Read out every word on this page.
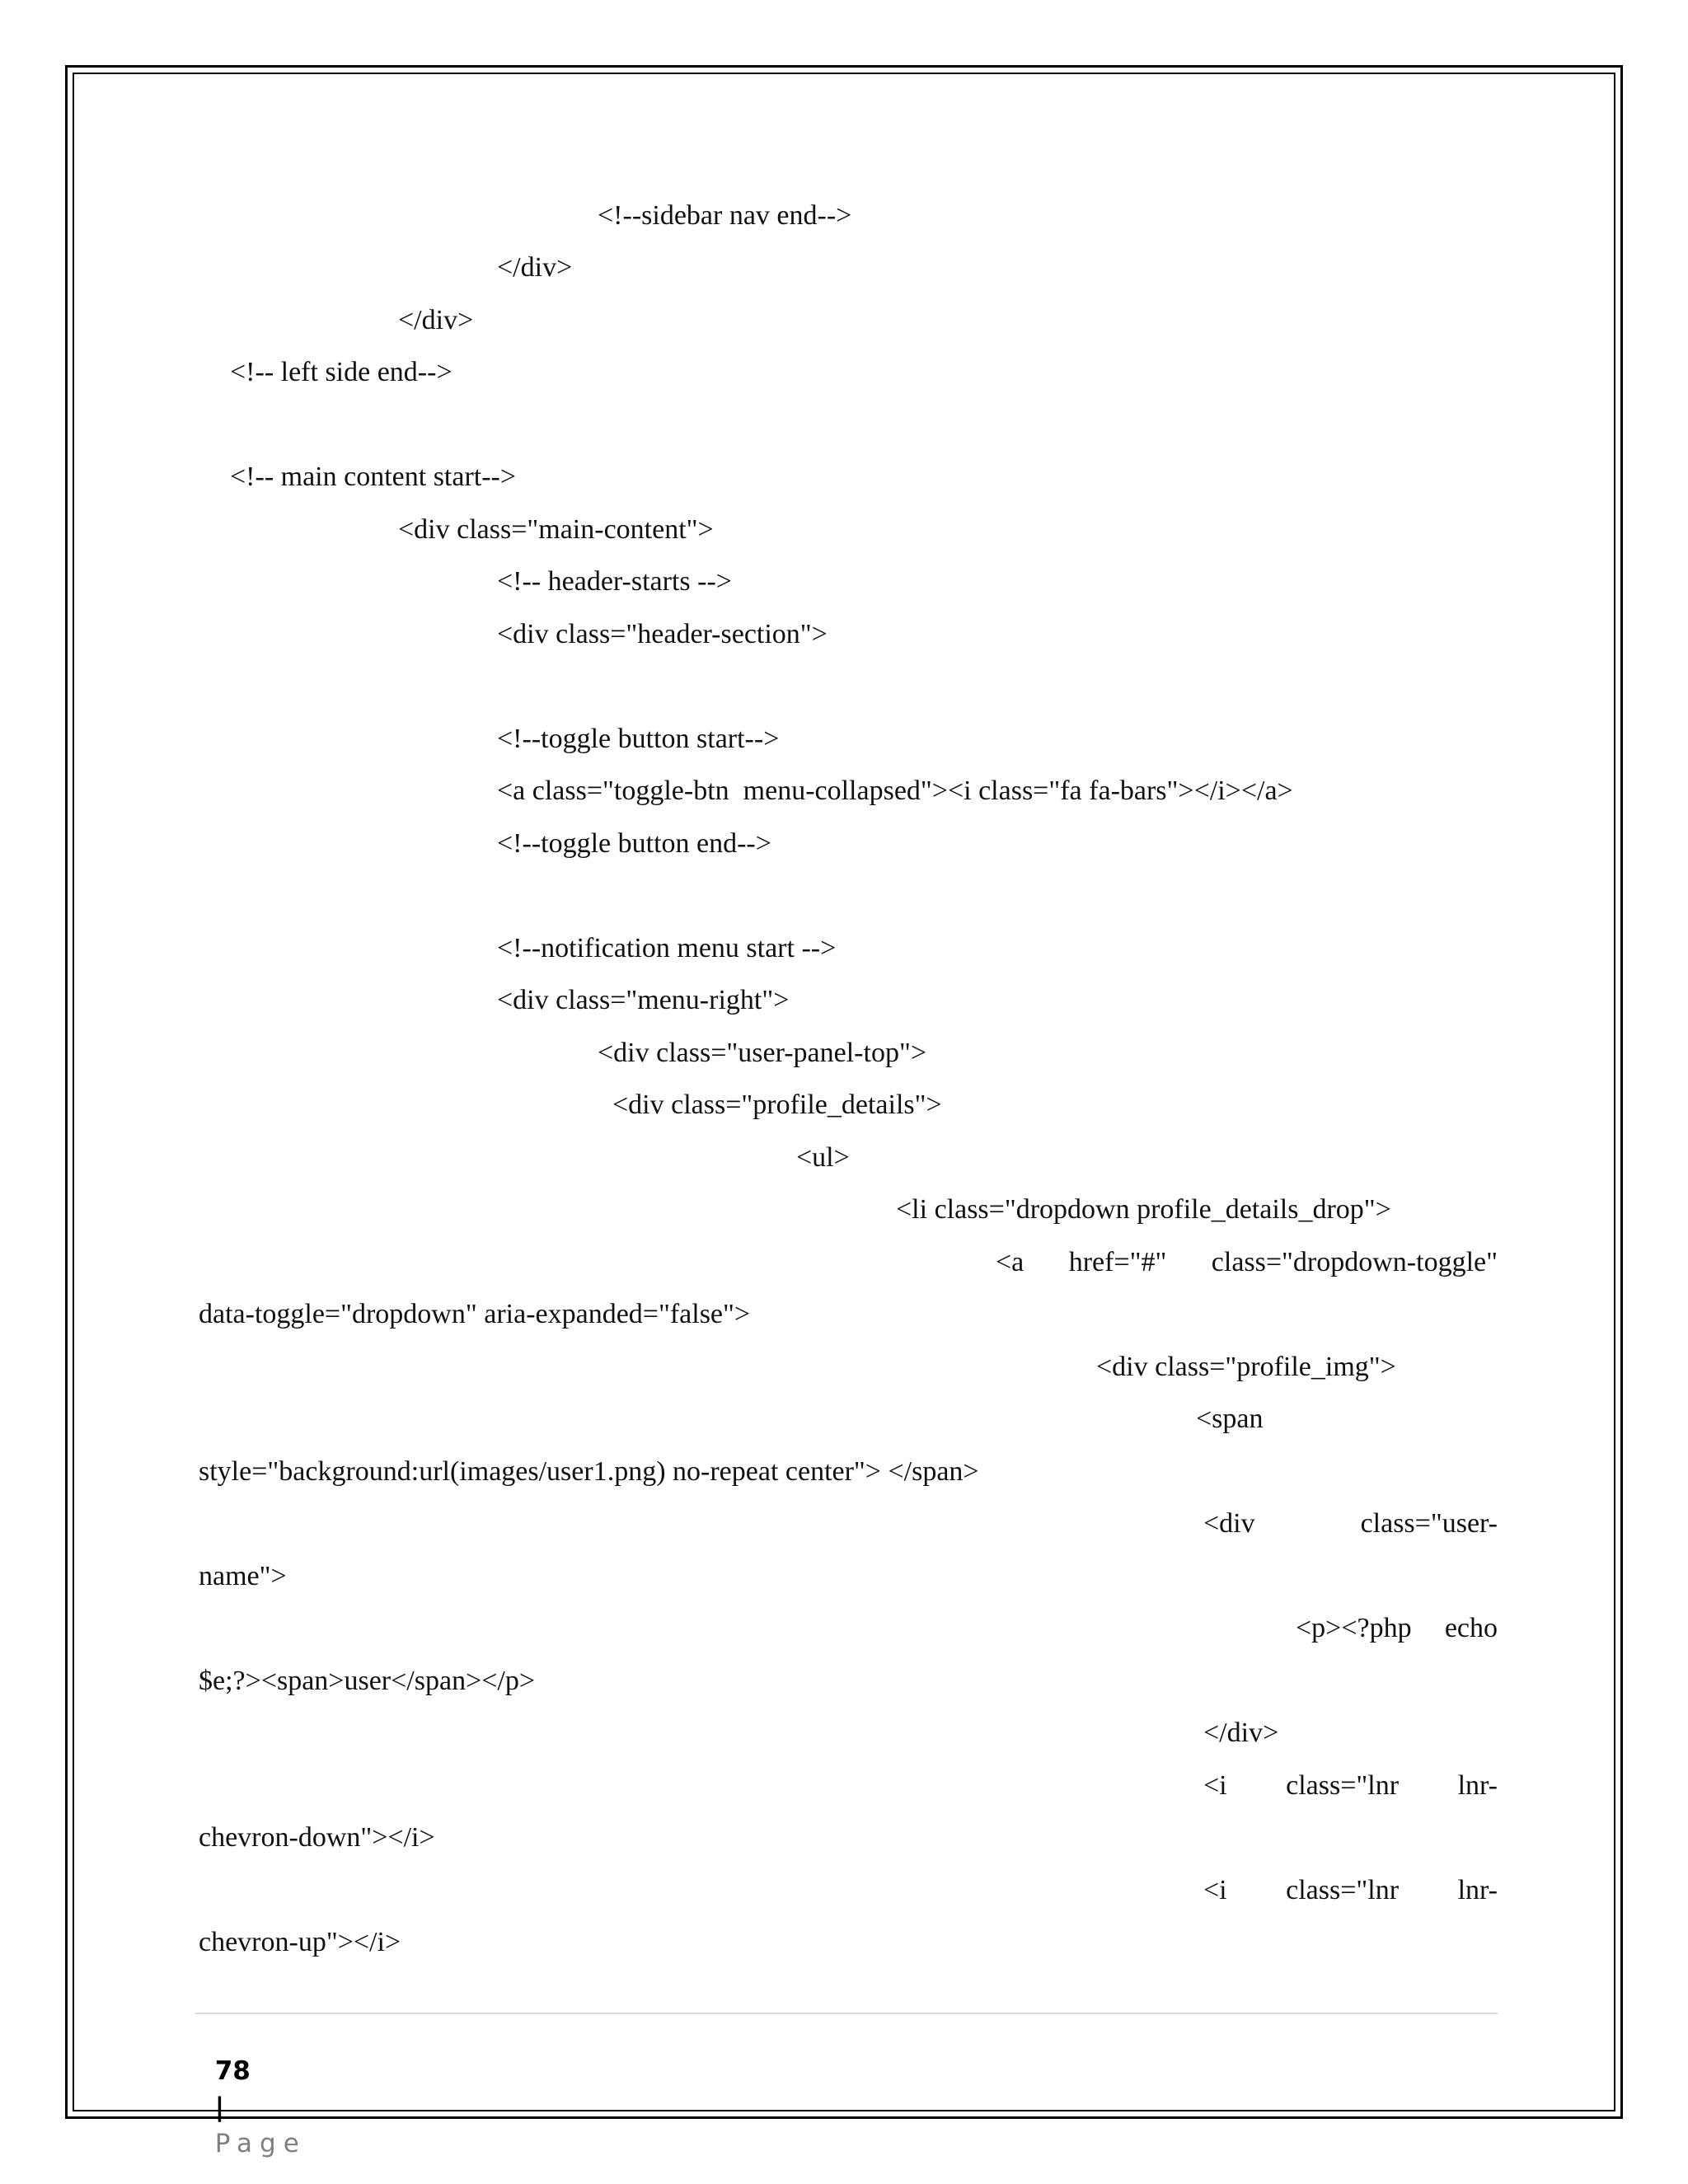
<!--sidebar nav end-->
</div>
</div>
<!-- left side end-->
<!-- main content start-->
<div class="main-content">
<!-- header-starts -->
<div class="header-section">
<!--toggle button start-->
<a class="toggle-btn  menu-collapsed"><i class="fa fa-bars"></i></a>
<!--toggle button end-->
<!--notification menu start -->
<div class="menu-right">
<div class="user-panel-top">
<div class="profile_details">
<ul>
<li class="dropdown profile_details_drop">
<a href="#" class="dropdown-toggle"
data-toggle="dropdown" aria-expanded="false">
<div class="profile_img">
<span
style="background:url(images/user1.png) no-repeat center"> </span>
<div	class="user-
name">
<p><?php echo
$e;?><span>user</span></p>
</div>
<i class="lnr lnr-
chevron-down"></i>
<i class="lnr lnr-
chevron-up"></i>

78
|
Page
